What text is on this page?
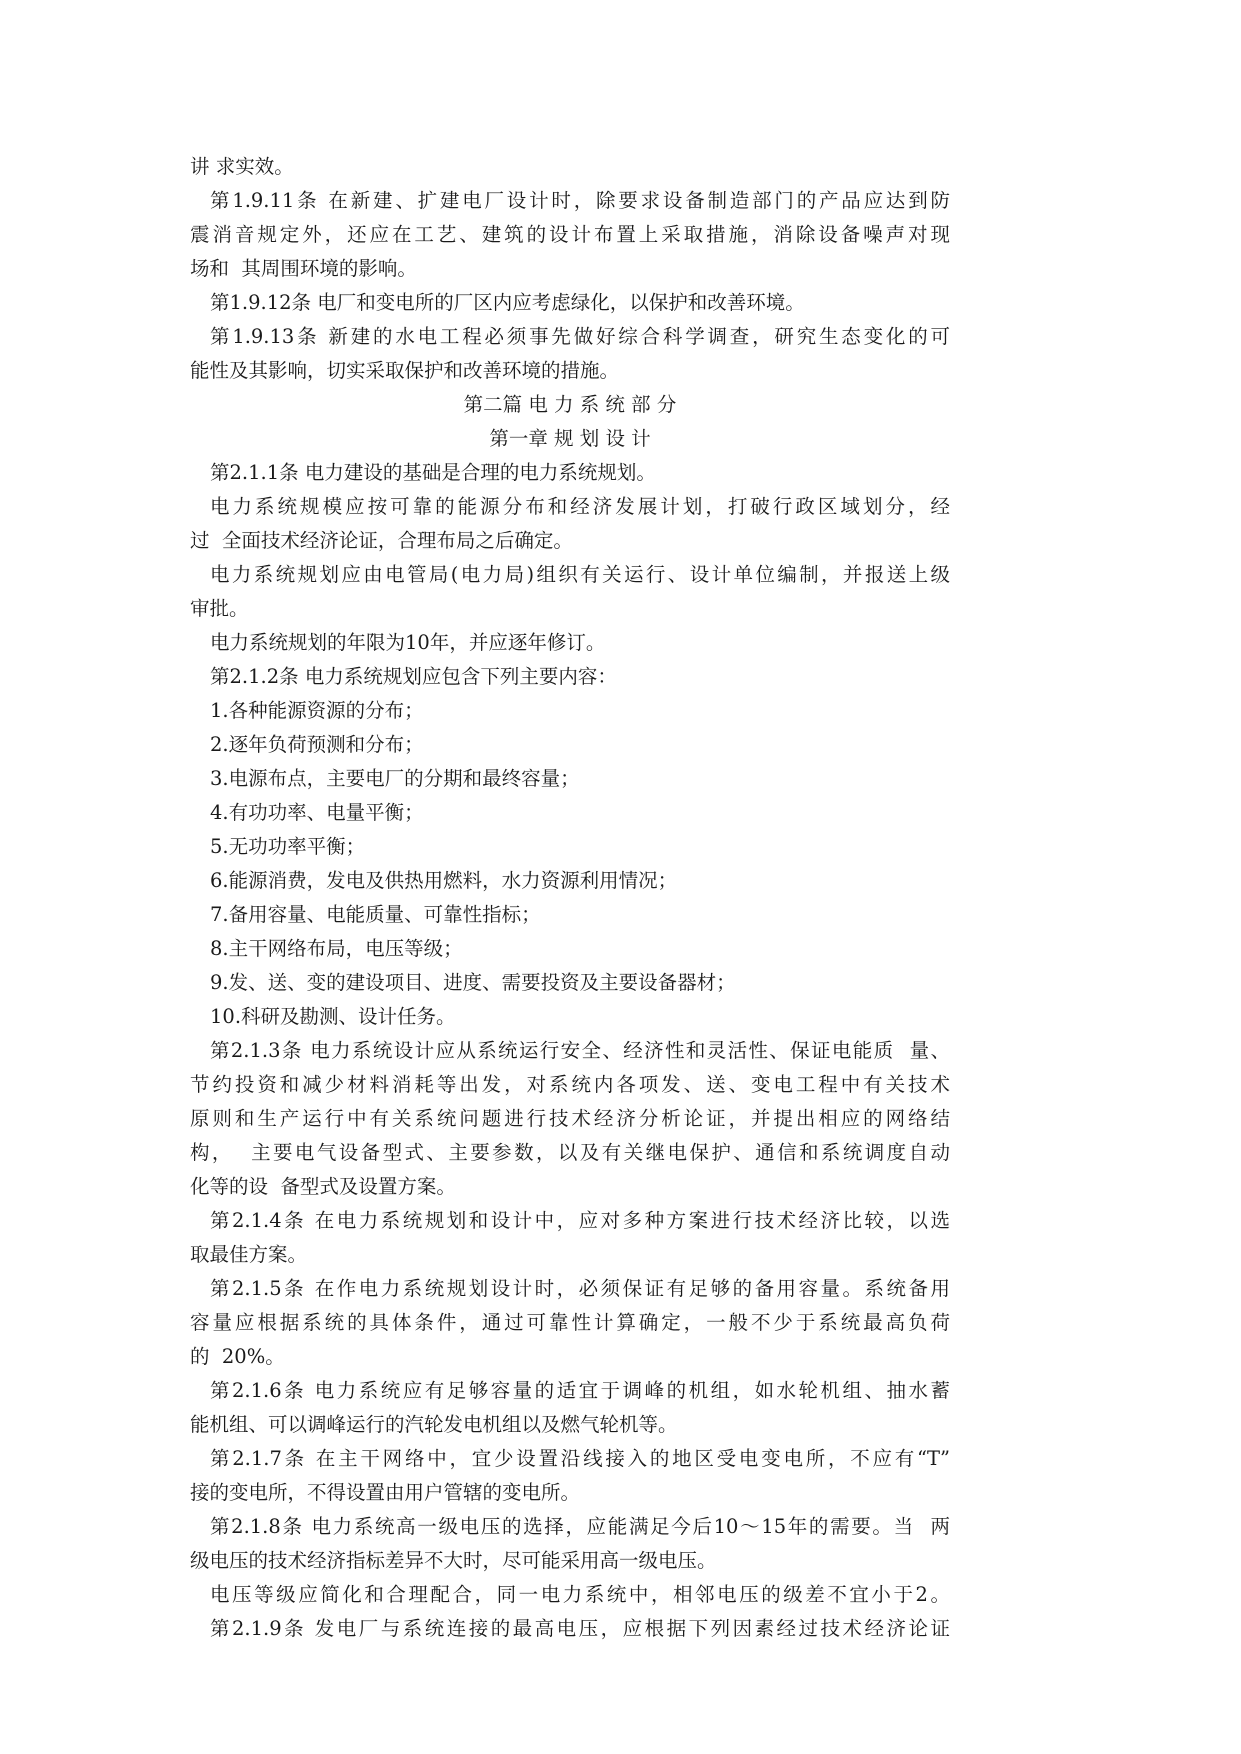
讲 求实效。
第1.9.11条 在新建、扩建电厂设计时，除要求设备制造部门的产品应达到防
震消音规定外，还应在工艺、建筑的设计布置上采取措施，消除设备噪声对现
场和  其周围环境的影响。
第1.9.12条 电厂和变电所的厂区内应考虑绿化，以保护和改善环境。
第1.9.13条 新建的水电工程必须事先做好综合科学调查，研究生态变化的可
能性及其影响，切实采取保护和改善环境的措施。
第二篇 电 力 系 统 部 分
第一章 规 划 设 计
第2.1.1条 电力建设的基础是合理的电力系统规划。
电力系统规模应按可靠的能源分布和经济发展计划，打破行政区域划分，经
过  全面技术经济论证，合理布局之后确定。
电力系统规划应由电管局(电力局)组织有关运行、设计单位编制，并报送上级
审批。
电力系统规划的年限为10年，并应逐年修订。
第2.1.2条 电力系统规划应包含下列主要内容：
1.各种能源资源的分布；
2.逐年负荷预测和分布；
3.电源布点，主要电厂的分期和最终容量；
4.有功功率、电量平衡；
5.无功功率平衡；
6.能源消费，发电及供热用燃料，水力资源利用情况；
7.备用容量、电能质量、可靠性指标；
8.主干网络布局，电压等级；
9.发、送、变的建设项目、进度、需要投资及主要设备器材；
10.科研及勘测、设计任务。
第2.1.3条 电力系统设计应从系统运行安全、经济性和灵活性、保证电能质  量、
节约投资和减少材料消耗等出发，对系统内各项发、送、变电工程中有关技术
原则和生产运行中有关系统问题进行技术经济分析论证，并提出相应的网络结
构，  主要电气设备型式、主要参数，以及有关继电保护、通信和系统调度自动
化等的设  备型式及设置方案。
第2.1.4条 在电力系统规划和设计中，应对多种方案进行技术经济比较，以选
取最佳方案。
第2.1.5条 在作电力系统规划设计时，必须保证有足够的备用容量。系统备用
容量应根据系统的具体条件，通过可靠性计算确定，一般不少于系统最高负荷
的  20%。
第2.1.6条 电力系统应有足够容量的适宜于调峰的机组，如水轮机组、抽水蓄
能机组、可以调峰运行的汽轮发电机组以及燃气轮机等。
第2.1.7条 在主干网络中，宜少设置沿线接入的地区受电变电所，不应有“T”
接的变电所，不得设置由用户管辖的变电所。
第2.1.8条 电力系统高一级电压的选择，应能满足今后10～15年的需要。当  两
级电压的技术经济指标差异不大时，尽可能采用高一级电压。
电压等级应简化和合理配合，同一电力系统中，相邻电压的级差不宜小于2。
第2.1.9条 发电厂与系统连接的最高电压，应根据下列因素经过技术经济论证
